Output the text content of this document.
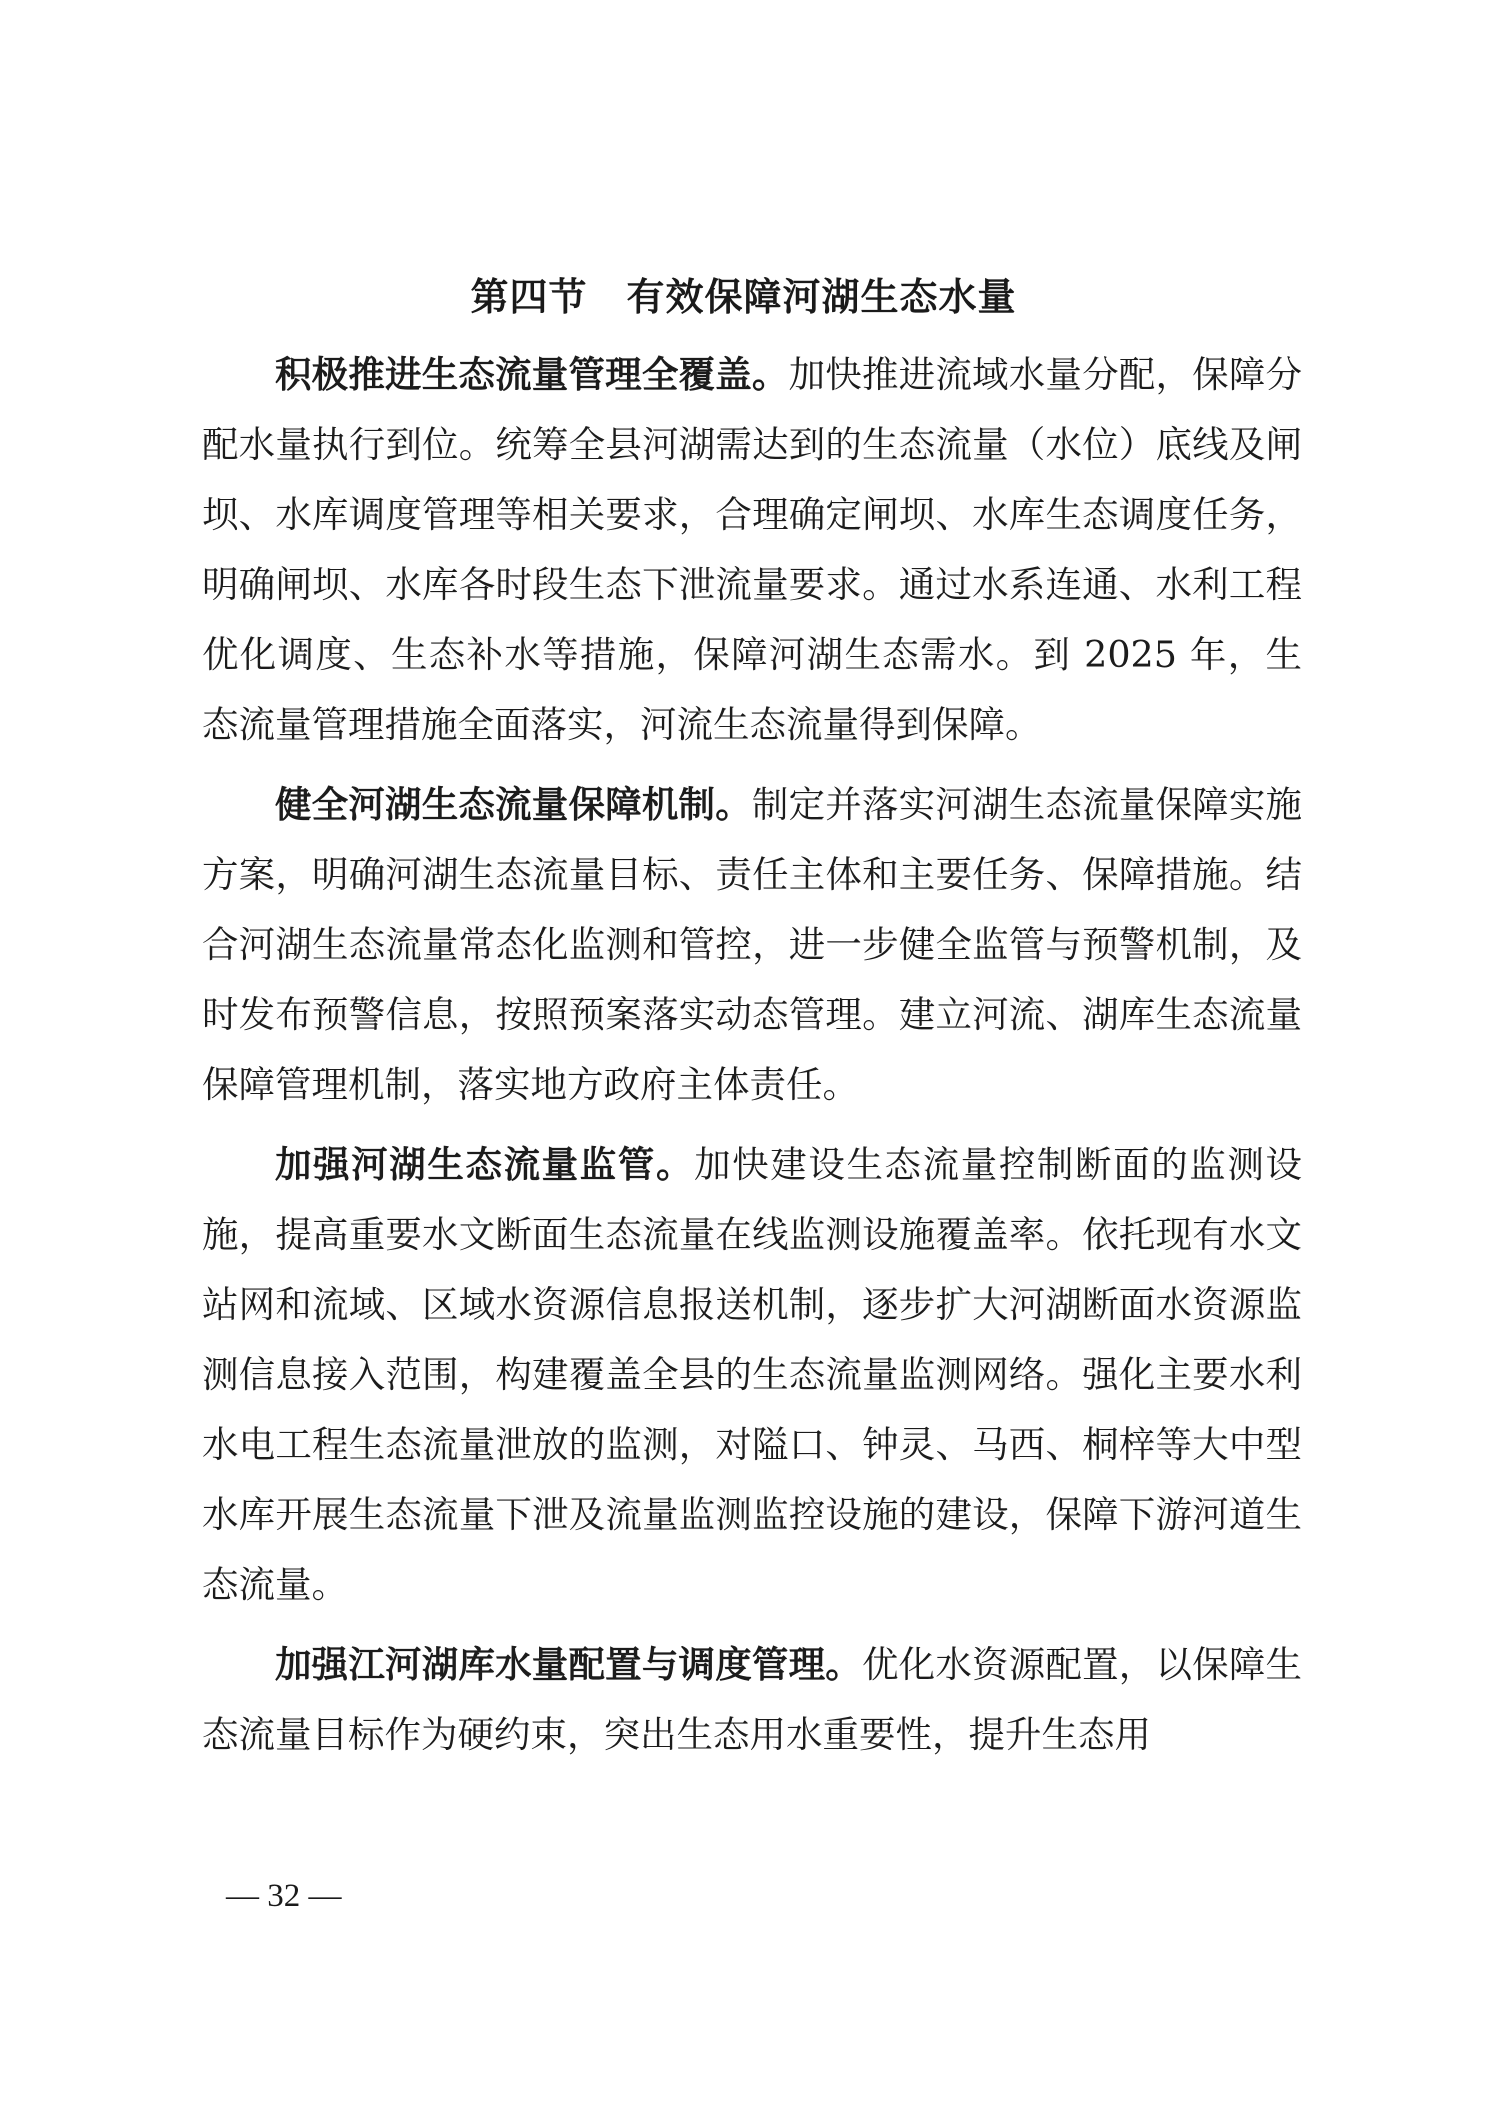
第四节　有效保障河湖生态水量

积极推进生态流量管理全覆盖。加快推进流域水量分配，保障分配水量执行到位。统筹全县河湖需达到的生态流量（水位）底线及闸坝、水库调度管理等相关要求，合理确定闸坝、水库生态调度任务，明确闸坝、水库各时段生态下泄流量要求。通过水系连通、水利工程优化调度、生态补水等措施，保障河湖生态需水。到 2025 年，生态流量管理措施全面落实，河流生态流量得到保障。

健全河湖生态流量保障机制。制定并落实河湖生态流量保障实施方案，明确河湖生态流量目标、责任主体和主要任务、保障措施。结合河湖生态流量常态化监测和管控，进一步健全监管与预警机制，及时发布预警信息，按照预案落实动态管理。建立河流、湖库生态流量保障管理机制，落实地方政府主体责任。

加强河湖生态流量监管。加快建设生态流量控制断面的监测设施，提高重要水文断面生态流量在线监测设施覆盖率。依托现有水文站网和流域、区域水资源信息报送机制，逐步扩大河湖断面水资源监测信息接入范围，构建覆盖全县的生态流量监测网络。强化主要水利水电工程生态流量泄放的监测，对隘口、钟灵、马西、桐梓等大中型水库开展生态流量下泄及流量监测监控设施的建设，保障下游河道生态流量。

加强江河湖库水量配置与调度管理。优化水资源配置，以保障生态流量目标作为硬约束，突出生态用水重要性，提升生态用

— 32 —
